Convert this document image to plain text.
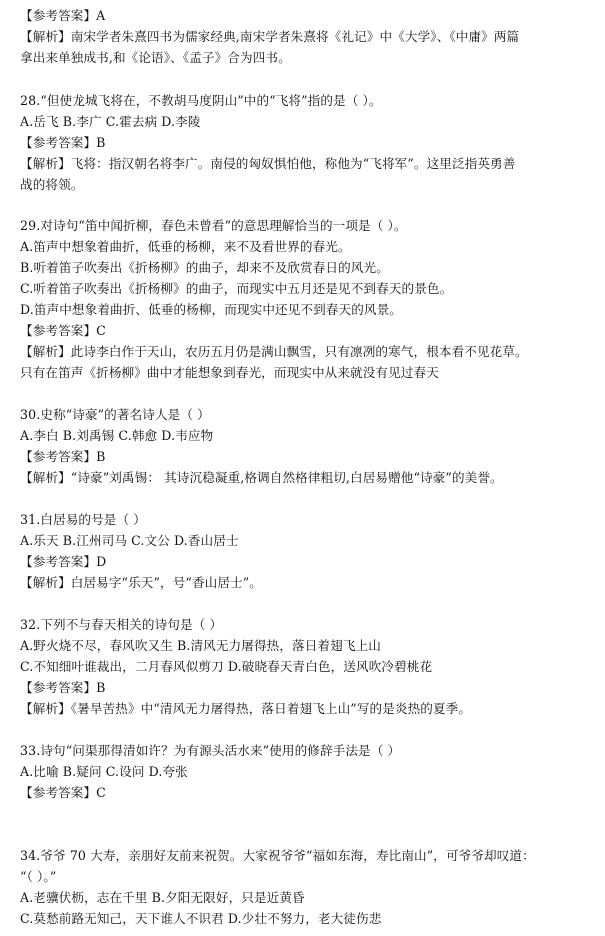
【参考答案】A
【解析】南宋学者朱熹四书为儒家经典,南宋学者朱熹将《礼记》中《大学》、《中庸》两篇
拿出来单独成书,和《论语》、《孟子》合为四书。
28.“但使龙城飞将在，不教胡马度阴山”中的“飞将”指的是（ ）。
A.岳飞 B.李广 C.霍去病 D.李陵
【参考答案】B
【解析】飞将：指汉朝名将李广。南侵的匈奴惧怕他，称他为“飞将军”。这里泛指英勇善
战的将领。
29.对诗句“笛中闻折柳，春色未曾看”的意思理解恰当的一项是（ ）。
A.笛声中想象着曲折，低垂的杨柳，来不及看世界的春光。
B.听着笛子吹奏出《折杨柳》的曲子，却来不及欣赏春日的风光。
C.听着笛子吹奏出《折杨柳》的曲子，而现实中五月还是见不到春天的景色。
D.笛声中想象着曲折、低垂的杨柳，而现实中还见不到春天的风景。
【参考答案】C
【解析】此诗李白作于天山，农历五月仍是满山飘雪，只有凛冽的寒气，根本看不见花草。
只有在笛声《折杨柳》曲中才能想象到春光，而现实中从来就没有见过春天
30.史称“诗豪”的著名诗人是（ ）
A.李白 B.刘禹锡 C.韩愈 D.韦应物
【参考答案】B
【解析】“诗豪”刘禹锡： 其诗沉稳凝重,格调自然格律粗切,白居易赠他“诗豪”的美誉。
31.白居易的号是（ ）
A.乐天 B.江州司马 C.文公 D.香山居士
【参考答案】D
【解析】白居易字“乐天”，号“香山居士”。
32.下列不与春天相关的诗句是（ ）
A.野火烧不尽，春风吹又生 B.清风无力屠得热，落日着翅飞上山
C.不知细叶谁裁出，二月春风似剪刀 D.破晓春天青白色，送风吹冷碧桃花
【参考答案】B
【解析】《暑旱苦热》中“清风无力屠得热，落日着翅飞上山”写的是炎热的夏季。
33.诗句“问渠那得清如许？为有源头活水来”使用的修辞手法是（ ）
A.比喻 B.疑问 C.设问 D.夸张
【参考答案】C
34.爷爷 70 大寿，亲朋好友前来祝贺。大家祝爷爷“福如东海，寿比南山”，可爷爷却叹道：
“（ ）。”
A.老骥伏枥，志在千里 B.夕阳无限好，只是近黄昏
C.莫愁前路无知己，天下谁人不识君 D.少壮不努力，老大徒伤悲
